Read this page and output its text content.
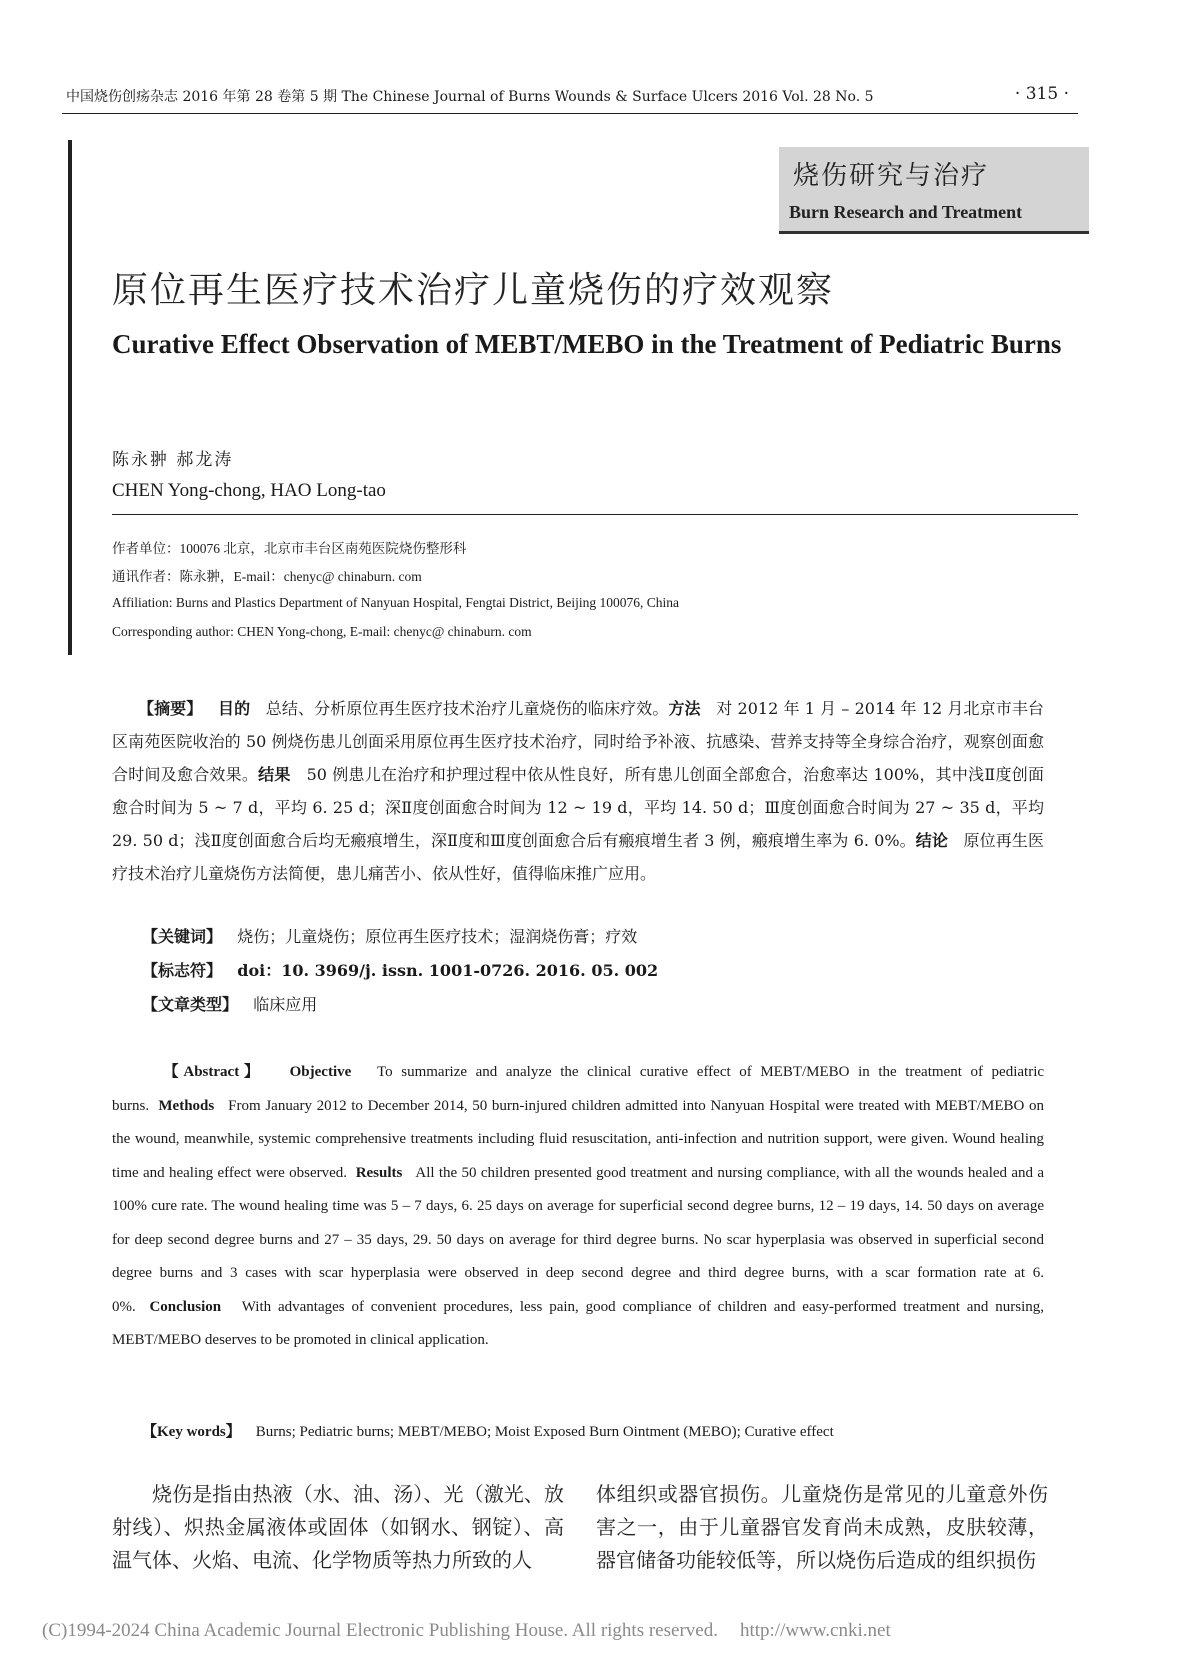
中国烧伤创疡杂志 2016 年第 28 卷第 5 期 The Chinese Journal of Burns Wounds & Surface Ulcers 2016 Vol. 28 No. 5	· 315 ·
烧伤研究与治疗
Burn Research and Treatment
原位再生医疗技术治疗儿童烧伤的疗效观察
Curative Effect Observation of MEBT/MEBO in the Treatment of Pediatric Burns
陈永翀 郝龙涛
CHEN Yong-chong, HAO Long-tao
作者单位：100076 北京，北京市丰台区南苑医院烧伤整形科
通讯作者：陈永翀，E-mail：chenyc@ chinaburn. com
Affiliation: Burns and Plastics Department of Nanyuan Hospital, Fengtai District, Beijing 100076, China
Corresponding author: CHEN Yong-chong, E-mail: chenyc@ chinaburn. com
【摘要】 目的 总结、分析原位再生医疗技术治疗儿童烧伤的临床疗效。方法 对 2012 年 1 月 – 2014 年 12 月北京市丰台区南苑医院收治的 50 例烧伤患儿创面采用原位再生医疗技术治疗，同时给予补液、抗感染、营养支持等全身综合治疗，观察创面愈合时间及愈合效果。结果 50 例患儿在治疗和护理过程中依从性良好，所有患儿创面全部愈合，治愈率达 100%，其中浅Ⅱ度创面愈合时间为 5 ~ 7 d，平均 6. 25 d；深Ⅱ度创面愈合时间为 12 ~ 19 d，平均 14. 50 d；Ⅲ度创面愈合时间为 27 ~ 35 d，平均 29. 50 d；浅Ⅱ度创面愈合后均无瘢痕增生，深Ⅱ度和Ⅲ度创面愈合后有瘢痕增生者 3 例，瘢痕增生率为 6. 0%。结论 原位再生医疗技术治疗儿童烧伤方法简便，患儿痛苦小、依从性好，值得临床推广应用。
【关键词】 烧伤；儿童烧伤；原位再生医疗技术；湿润烧伤膏；疗效
【标志符】 doi：10. 3969/j. issn. 1001-0726. 2016. 05. 002
【文章类型】 临床应用
【Abstract】 Objective To summarize and analyze the clinical curative effect of MEBT/MEBO in the treatment of pediatric burns. Methods From January 2012 to December 2014, 50 burn-injured children admitted into Nanyuan Hospital were treated with MEBT/MEBO on the wound, meanwhile, systemic comprehensive treatments including fluid resuscitation, anti-infection and nutrition support, were given. Wound healing time and healing effect were observed. Results All the 50 children presented good treatment and nursing compliance, with all the wounds healed and a 100% cure rate. The wound healing time was 5 – 7 days, 6. 25 days on average for superficial second degree burns, 12 – 19 days, 14. 50 days on average for deep second degree burns and 27 – 35 days, 29. 50 days on average for third degree burns. No scar hyperplasia was observed in superficial second degree burns and 3 cases with scar hyperplasia were observed in deep second degree and third degree burns, with a scar formation rate at 6. 0%. Conclusion With advantages of convenient procedures, less pain, good compliance of children and easy-performed treatment and nursing, MEBT/MEBO deserves to be promoted in clinical application.
【Key words】 Burns; Pediatric burns; MEBT/MEBO; Moist Exposed Burn Ointment (MEBO); Curative effect
烧伤是指由热液（水、油、汤）、光（激光、放射线）、炽热金属液体或固体（如钢水、钢锭）、高温气体、火焰、电流、化学物质等热力所致的人
体组织或器官损伤。儿童烧伤是常见的儿童意外伤害之一，由于儿童器官发育尚未成熟，皮肤较薄，器官储备功能较低等，所以烧伤后造成的组织损伤
(C)1994-2024 China Academic Journal Electronic Publishing House. All rights reserved. http://www.cnki.net
